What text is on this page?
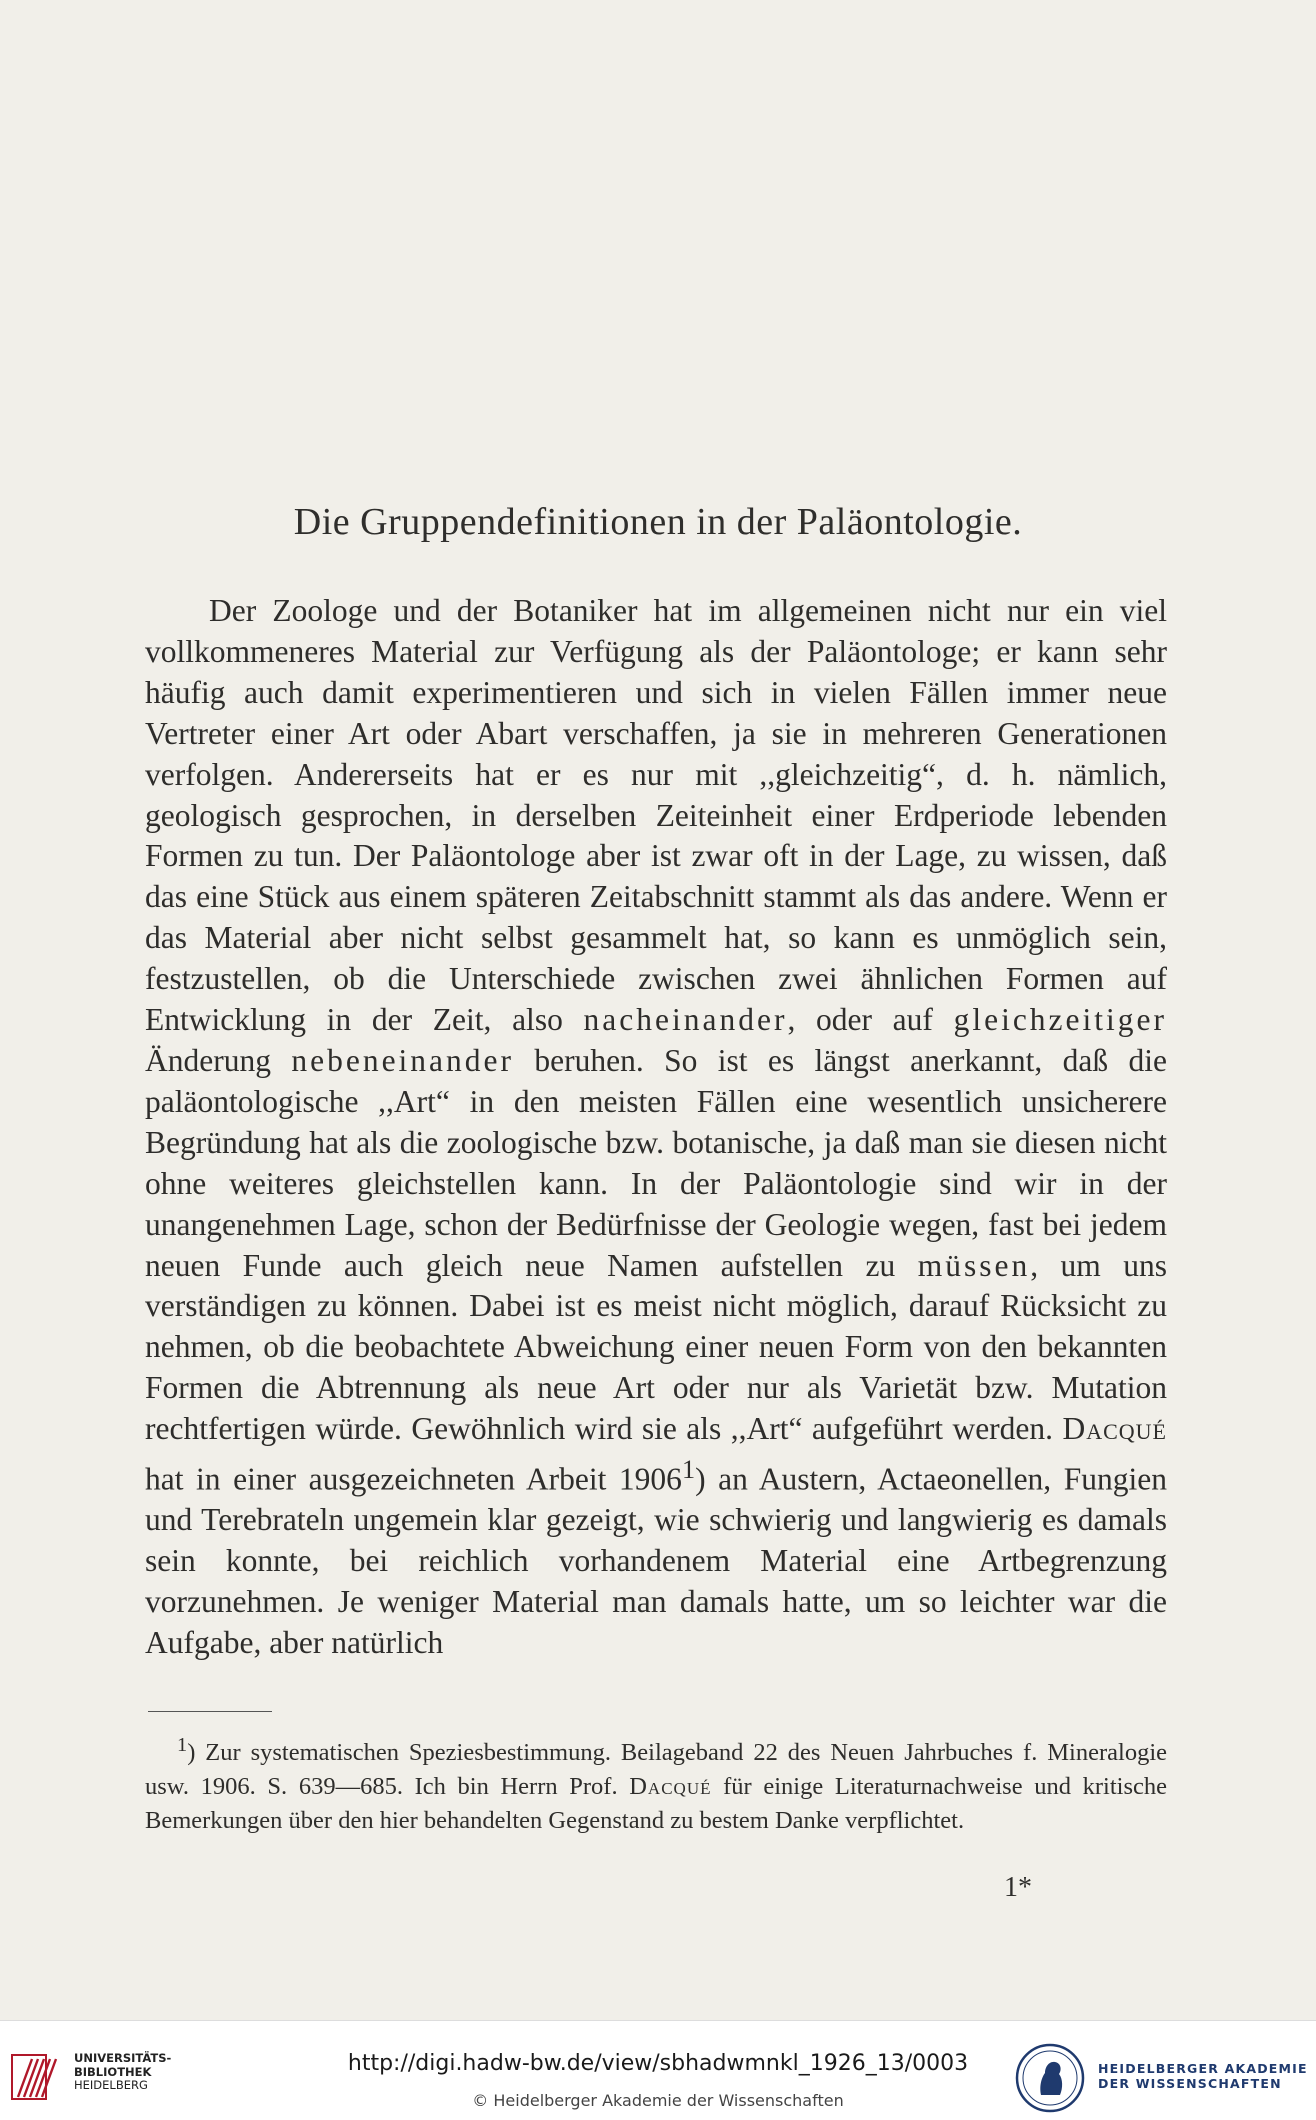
Die Gruppendefinitionen in der Paläontologie.

Der Zoologe und der Botaniker hat im allgemeinen nicht nur ein viel vollkommeneres Material zur Verfügung als der Paläontologe; er kann sehr häufig auch damit experimentieren und sich in vielen Fällen immer neue Vertreter einer Art oder Abart verschaffen, ja sie in mehreren Generationen verfolgen. Andererseits hat er es nur mit ,,gleichzeitig“, d. h. nämlich, geologisch gesprochen, in derselben Zeiteinheit einer Erdperiode lebenden Formen zu tun. Der Paläontologe aber ist zwar oft in der Lage, zu wissen, daß das eine Stück aus einem späteren Zeitabschnitt stammt als das andere. Wenn er das Material aber nicht selbst gesammelt hat, so kann es unmöglich sein, festzustellen, ob die Unterschiede zwischen zwei ähnlichen Formen auf Entwicklung in der Zeit, also nacheinander, oder auf gleichzeitiger Änderung nebeneinander beruhen. So ist es längst anerkannt, daß die paläontologische ,,Art“ in den meisten Fällen eine wesentlich unsicherere Begründung hat als die zoologische bzw. botanische, ja daß man sie diesen nicht ohne weiteres gleichstellen kann. In der Paläontologie sind wir in der unangenehmen Lage, schon der Bedürfnisse der Geologie wegen, fast bei jedem neuen Funde auch gleich neue Namen aufstellen zu müssen, um uns verständigen zu können. Dabei ist es meist nicht möglich, darauf Rücksicht zu nehmen, ob die beobachtete Abweichung einer neuen Form von den bekannten Formen die Abtrennung als neue Art oder nur als Varietät bzw. Mutation rechtfertigen würde. Gewöhnlich wird sie als ,,Art“ aufgeführt werden. Dacqué hat in einer ausgezeichneten Arbeit 1906$^1$) an Austern, Actaeonellen, Fungien und Terebrateln ungemein klar gezeigt, wie schwierig und langwierig es damals sein konnte, bei reichlich vorhandenem Material eine Artbegrenzung vorzunehmen. Je weniger Material man damals hatte, um so leichter war die Aufgabe, aber natürlich

$^1$) Zur systematischen Speziesbestimmung. Beilageband 22 des Neuen Jahrbuches f. Mineralogie usw. 1906. S. 639—685. Ich bin Herrn Prof. Dacqué für einige Literaturnachweise und kritische Bemerkungen über den hier behandelten Gegenstand zu bestem Danke verpflichtet.

1*
UNIVERSITÄTS-
BIBLIOTHEK
HEIDELBERG
http://digi.hadw-bw.de/view/sbhadwmnkl_1926_13/0003
© Heidelberger Akademie der Wissenschaften
HEIDELBERGER AKADEMIE
DER WISSENSCHAFTEN
